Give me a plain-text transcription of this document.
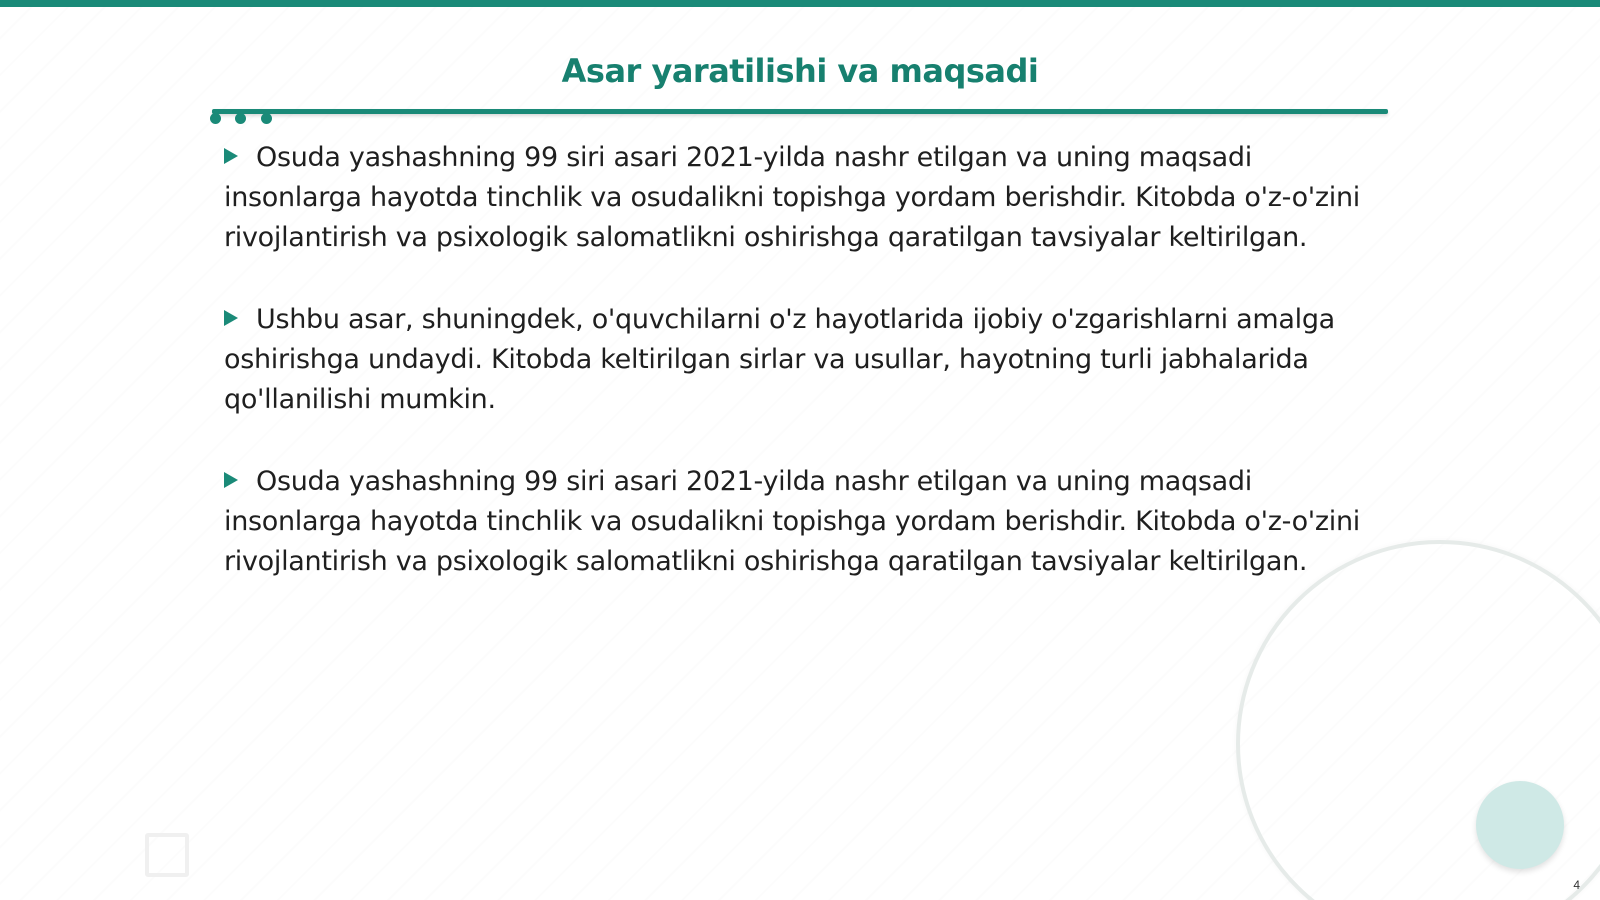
Asar yaratilishi va maqsadi

Osuda yashashning 99 siri asari 2021-yilda nashr etilgan va uning maqsadi insonlarga hayotda tinchlik va osudalikni topishga yordam berishdir. Kitobda o'z-o'zini rivojlantirish va psixologik salomatlikni oshirishga qaratilgan tavsiyalar keltirilgan.

Ushbu asar, shuningdek, o'quvchilarni o'z hayotlarida ijobiy o'zgarishlarni amalga oshirishga undaydi. Kitobda keltirilgan sirlar va usullar, hayotning turli jabhalarida qo'llanilishi mumkin.

Osuda yashashning 99 siri asari 2021-yilda nashr etilgan va uning maqsadi insonlarga hayotda tinchlik va osudalikni topishga yordam berishdir. Kitobda o'z-o'zini rivojlantirish va psixologik salomatlikni oshirishga qaratilgan tavsiyalar keltirilgan.

4
